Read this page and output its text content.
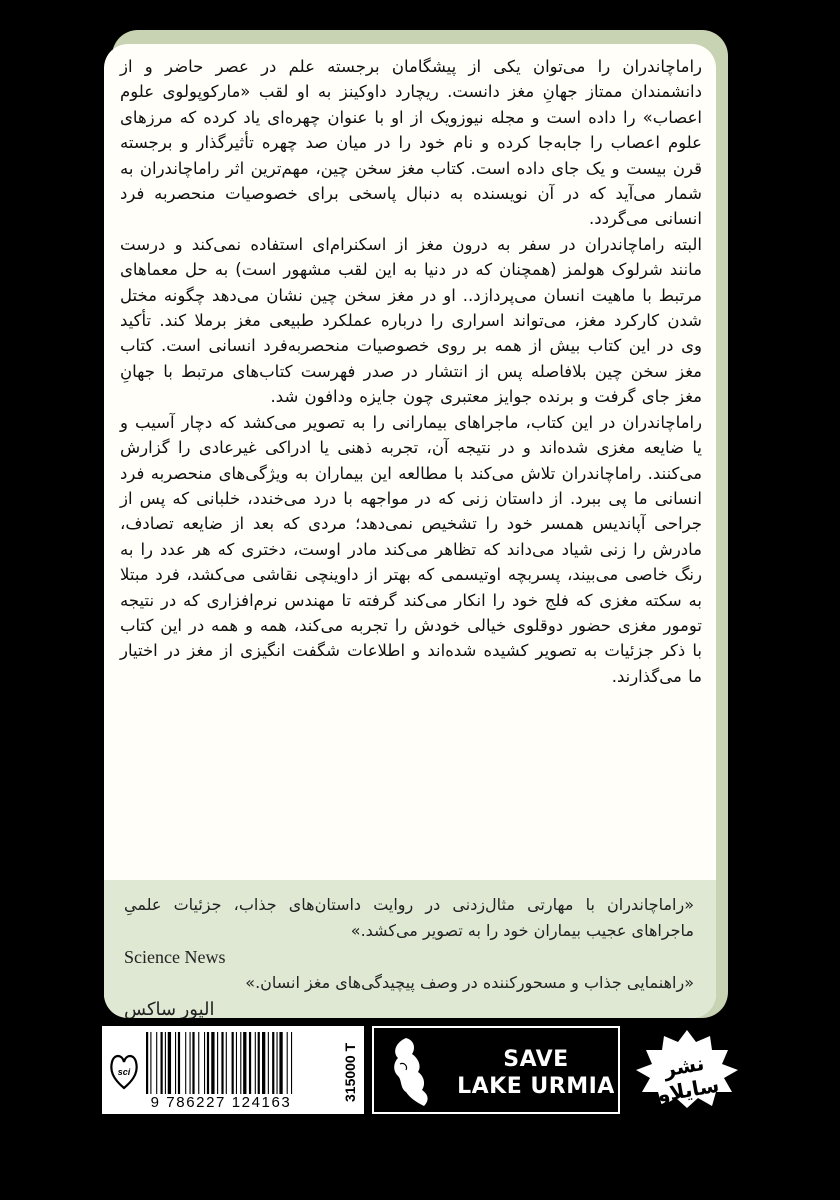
راماچاندران را می‌توان یکی از پیشگامان برجسته علم در عصر حاضر و از دانشمندان ممتاز جهانِ مغز دانست. ریچارد داوکینز به او لقب «مارکوپولوی علوم اعصاب» را داده است و مجله نیوزویک از او با عنوان چهره‌ای یاد کرده که مرزهای علوم اعصاب را جابه‌جا کرده و نام خود را در میان صد چهره تأثیرگذار و برجسته قرن بیست و یک جای داده است. کتاب مغز سخن چین، مهم‌ترین اثر راماچاندران به شمار می‌آید که در آن نویسنده به دنبال پاسخی برای خصوصیات منحصربه فرد انسانی می‌گردد.

البته راماچاندران در سفر به درون مغز از اسکنرام‌ای استفاده نمی‌کند و درست مانند شرلوک هولمز (همچنان که در دنیا به این لقب مشهور است) به حل معماهای مرتبط با ماهیت انسان می‌پردازد.. او در مغز سخن چین نشان می‌دهد چگونه مختل شدن کارکرد مغز، می‌تواند اسراری را درباره عملکرد طبیعی مغز برملا کند. تأکید وی در این کتاب بیش از همه بر روی خصوصیات منحصربه‌فرد انسانی است. کتاب مغز سخن چین بلافاصله پس از انتشار در صدر فهرست کتاب‌های مرتبط با جهانِ مغز جای گرفت و برنده جوایز معتبری چون جایزه ودافون شد.

راماچاندران در این کتاب، ماجراهای بیمارانی را به تصویر می‌کشد که دچار آسیب و یا ضایعه مغزی شده‌اند و در نتیجه آن، تجربه ذهنی یا ادراکی غیرعادی را گزارش می‌کنند. راماچاندران تلاش می‌کند با مطالعه این بیماران به ویژگی‌های منحصربه فرد انسانی ما پی ببرد. از داستان زنی که در مواجهه با درد می‌خندد، خلبانی که پس از جراحی آپاندیس همسر خود را تشخیص نمی‌دهد؛ مردی که بعد از ضایعه تصادف، مادرش را زنی شیاد می‌داند که تظاهر می‌کند مادر اوست، دختری که هر عدد را به رنگ خاصی می‌بیند، پسربچه اوتیسمی که بهتر از داوینچی نقاشی می‌کشد، فرد مبتلا به سکته مغزی که فلج خود را انکار می‌کند گرفته تا مهندس نرم‌افزاری که در نتیجه تومور مغزی حضور دوقلوی خیالی خودش را تجربه می‌کند، همه و همه در این کتاب با ذکر جزئیات به تصویر کشیده شده‌اند و اطلاعات شگفت انگیزی از مغز در اختیار ما می‌گذارند.

«راماچاندران با مهارتی مثال‌زدنی در روایت داستان‌های جذاب، جزئیات علمیِ ماجراهای عجیب بیماران خود را به تصویر می‌کشد.»

Science News

«راهنمایی جذاب و مسحورکننده در وصف پیچیدگی‌های مغز انسان.»

الیور ساکس

sci
9 786227 124163
315000 T	SAVE
LAKE URMIA
نشر سایلاو
